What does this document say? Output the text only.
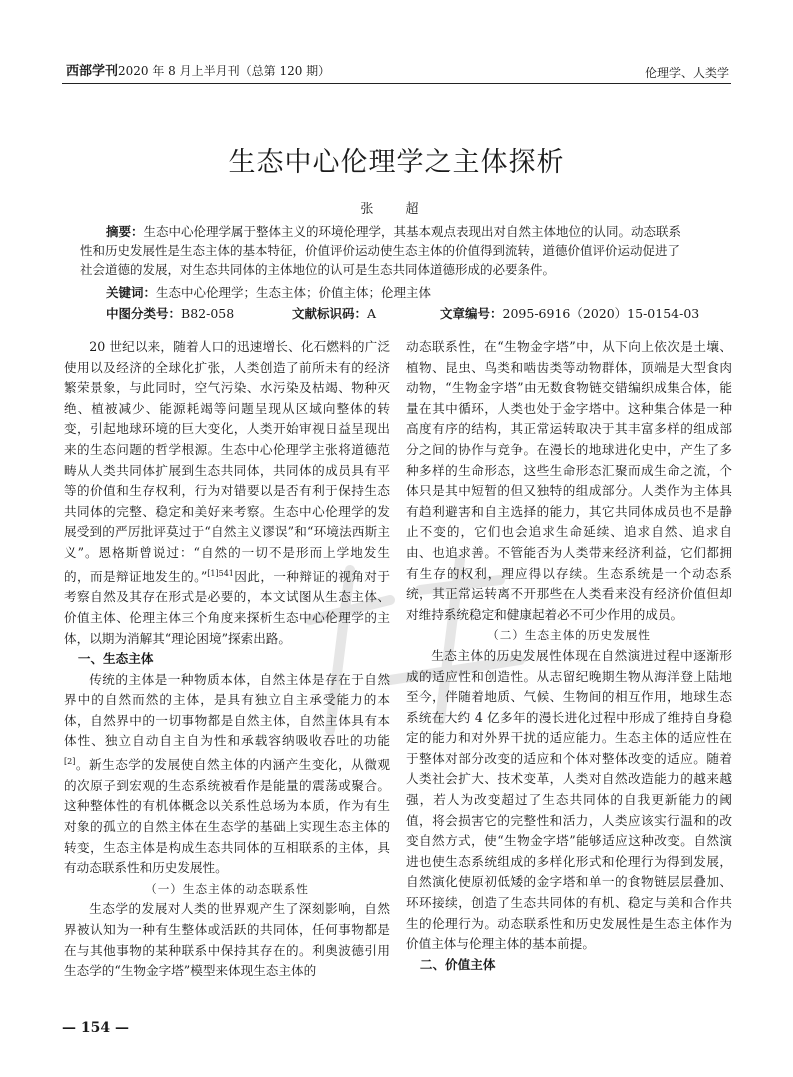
西部学刊2020 年 8 月上半月刊（总第 120 期）	伦理学、人类学
生态中心伦理学之主体探析
张 超
摘要：生态中心伦理学属于整体主义的环境伦理学，其基本观点表现出对自然主体地位的认同。动态联系
性和历史发展性是生态主体的基本特征，价值评价运动使生态主体的价值得到流转，道德价值评价运动促进了
社会道德的发展，对生态共同体的主体地位的认可是生态共同体道德形成的必要条件。
关键词：生态中心伦理学；生态主体；价值主体；伦理主体
中图分类号：B82-058	文献标识码：A	文章编号：2095-6916（2020）15-0154-03

20 世纪以来，随着人口的迅速增长、化石燃料的广泛使用以及经济的全球化扩张，人类创造了前所未有的经济繁荣景象，与此同时，空气污染、水污染及枯竭、物种灭绝、植被减少、能源耗竭等问题呈现从区域向整体的转变，引起地球环境的巨大变化，人类开始审视日益呈现出来的生态问题的哲学根源。生态中心伦理学主张将道德范畴从人类共同体扩展到生态共同体，共同体的成员具有平等的价值和生存权利，行为对错要以是否有利于保持生态共同体的完整、稳定和美好来考察。生态中心伦理学的发展受到的严厉批评莫过于“自然主义谬误”和“环境法西斯主义”。恩格斯曾说过：“自然的一切不是形而上学地发生的，而是辩证地发生的。”$^{[1]541}$因此，一种辩证的视角对于考察自然及其存在形式是必要的，本文试图从生态主体、价值主体、伦理主体三个角度来探析生态中心伦理学的主体，以期为消解其“理论困境”探索出路。

一、生态主体

传统的主体是一种物质本体，自然主体是存在于自然界中的自然而然的主体，是具有独立自主承受能力的本体，自然界中的一切事物都是自然主体，自然主体具有本体性、独立自动自主自为性和承载容纳吸收吞吐的功能[2]。新生态学的发展使自然主体的内涵产生变化，从微观的次原子到宏观的生态系统被看作是能量的震荡或聚合。这种整体性的有机体概念以关系性总场为本质，作为有生对象的孤立的自然主体在生态学的基础上实现生态主体的转变，生态主体是构成生态共同体的互相联系的主体，具有动态联系性和历史发展性。

（一）生态主体的动态联系性

生态学的发展对人类的世界观产生了深刻影响，自然界被认知为一种有生整体或活跃的共同体，任何事物都是在与其他事物的某种联系中保持其存在的。利奥波德引用生态学的“生物金字塔”模型来体现生态主体的

动态联系性，在“生物金字塔”中，从下向上依次是土壤、植物、昆虫、鸟类和啮齿类等动物群体，顶端是大型食肉动物，“生物金字塔”由无数食物链交错编织成集合体，能量在其中循环，人类也处于金字塔中。这种集合体是一种高度有序的结构，其正常运转取决于其丰富多样的组成部分之间的协作与竞争。在漫长的地球进化史中，产生了多种多样的生命形态，这些生命形态汇聚而成生命之流，个体只是其中短暂的但又独特的组成部分。人类作为主体具有趋利避害和自主选择的能力，其它共同体成员也不是静止不变的，它们也会追求生命延续、追求自然、追求自由、也追求善。不管能否为人类带来经济利益，它们都拥有生存的权利，理应得以存续。生态系统是一个动态系统，其正常运转离不开那些在人类看来没有经济价值但却对维持系统稳定和健康起着必不可少作用的成员。

（二）生态主体的历史发展性

生态主体的历史发展性体现在自然演进过程中逐渐形成的适应性和创造性。从志留纪晚期生物从海洋登上陆地至今，伴随着地质、气候、生物间的相互作用，地球生态系统在大约 4 亿多年的漫长进化过程中形成了维持自身稳定的能力和对外界干扰的适应能力。生态主体的适应性在于整体对部分改变的适应和个体对整体改变的适应。随着人类社会扩大、技术变革，人类对自然改造能力的越来越强，若人为改变超过了生态共同体的自我更新能力的阈值，将会损害它的完整性和活力，人类应该实行温和的改变自然方式，使“生物金字塔”能够适应这种改变。自然演进也使生态系统组成的多样化形式和伦理行为得到发展，自然演化使原初低矮的金字塔和单一的食物链层层叠加、环环接续，创造了生态共同体的有机、稳定与美和合作共生的伦理行为。动态联系性和历史发展性是生态主体作为价值主体与伦理主体的基本前提。

二、价值主体
— 154 —
